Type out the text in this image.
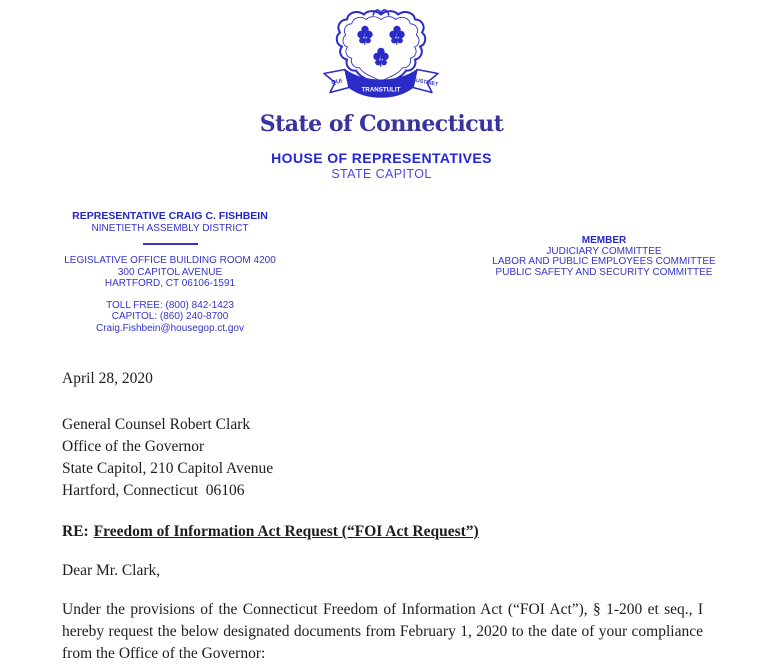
QUI
TRANSTULIT
SUSTINET
State of Connecticut
HOUSE OF REPRESENTATIVES
STATE CAPITOL
REPRESENTATIVE CRAIG C. FISHBEIN
NINETIETH ASSEMBLY DISTRICT
LEGISLATIVE OFFICE BUILDING ROOM 4200
300 CAPITOL AVENUE
HARTFORD, CT 06106-1591
TOLL FREE: (800) 842-1423
CAPITOL: (860) 240-8700
Craig.Fishbein@housegop.ct.gov
MEMBER
JUDICIARY COMMITTEE
LABOR AND PUBLIC EMPLOYEES COMMITTEE
PUBLIC SAFETY AND SECURITY COMMITTEE
April 28, 2020
General Counsel Robert Clark
Office of the Governor
State Capitol, 210 Capitol Avenue
Hartford, Connecticut  06106
RE: Freedom of Information Act Request (“FOI Act Request”)
Dear Mr. Clark,
Under the provisions of the Connecticut Freedom of Information Act (“FOI Act”), § 1-200 et seq., I hereby request the below designated documents from February 1, 2020 to the date of your compliance from the Office of the Governor:
